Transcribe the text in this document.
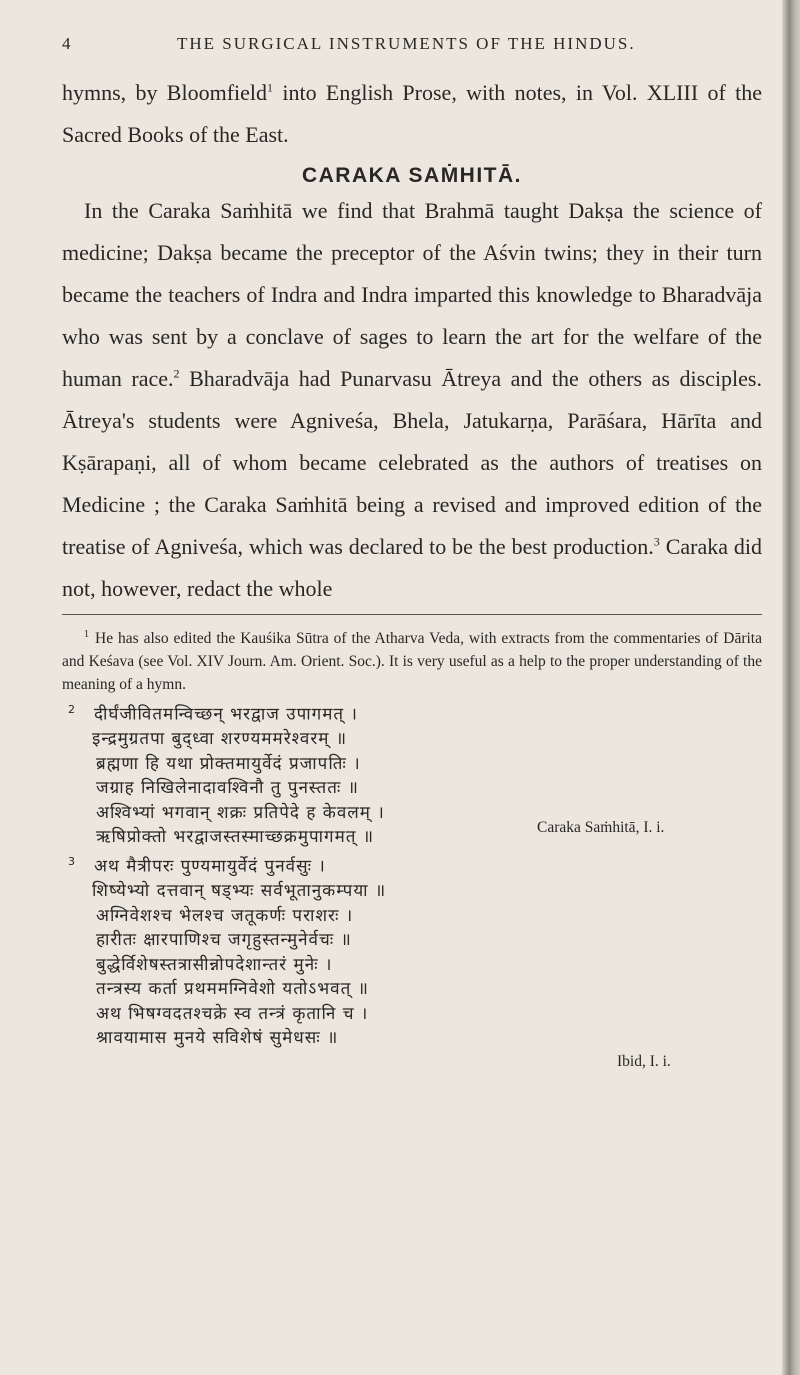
4	THE SURGICAL INSTRUMENTS OF THE HINDUS.

hymns, by Bloomfield$^1$ into English Prose, with notes, in Vol. XLIII of the Sacred Books of the East.

CARAKA SAṀHITĀ.

In the Caraka Saṁhitā we find that Brahmā taught Dakṣa the science of medicine; Dakṣa became the preceptor of the Aśvin twins; they in their turn became the teachers of Indra and Indra imparted this knowledge to Bharadvāja who was sent by a conclave of sages to learn the art for the welfare of the human race.$^2$ Bharadvāja had Punarvasu Ātreya and the others as disciples. Ātreya's students were Agniveśa, Bhela, Jatukarṇa, Parāśara, Hārīta and Kṣārapaṇi, all of whom became celebrated as the authors of treatises on Medicine ; the Caraka Saṁhitā being a revised and improved edition of the treatise of Agniveśa, which was declared to be the best production.$^3$ Caraka did not, however, redact the whole

$^1$ He has also edited the Kauśika Sūtra of the Atharva Veda, with extracts from the commentaries of Dārita and Keśava (see Vol. XIV Journ. Am. Orient. Soc.). It is very useful as a help to the proper understanding of the meaning of a hymn.

2 दीर्घंजीवितमन्विच्छन् भरद्वाज उपागमत् ।
इन्द्रमुग्रतपा बुद्ध्वा शरण्यममरेश्वरम् ॥
ब्रह्मणा हि यथा प्रोक्तमायुर्वेदं प्रजापतिः ।
जग्राह निखिलेनादावश्विनौ तु पुनस्ततः ॥
अश्विभ्यां भगवान् शक्रः प्रतिपेदे ह केवलम् ।
ऋषिप्रोक्तो भरद्वाजस्तस्माच्छक्रमुपागमत् ॥	Caraka Saṁhitā, I. i.
3 अथ मैत्रीपरः पुण्यमायुर्वेदं पुनर्वसुः ।
शिष्येभ्यो दत्तवान् षड्भ्यः सर्वभूतानुकम्पया ॥
अग्निवेशश्च भेलश्च जतूकर्णः पराशरः ।
हारीतः क्षारपाणिश्च जगृहुस्तन्मुनेर्वचः ॥
बुद्धेर्विशेषस्तत्रासीन्नोपदेशान्तरं मुनेः ।
तन्त्रस्य कर्ता प्रथममग्निवेशो यतोऽभवत् ॥
अथ भिषग्वदतश्चक्रे स्व तन्त्रं कृतानि च ।
श्रावयामास मुनये सविशेषं सुमेधसः ॥
Ibid, I. i.
